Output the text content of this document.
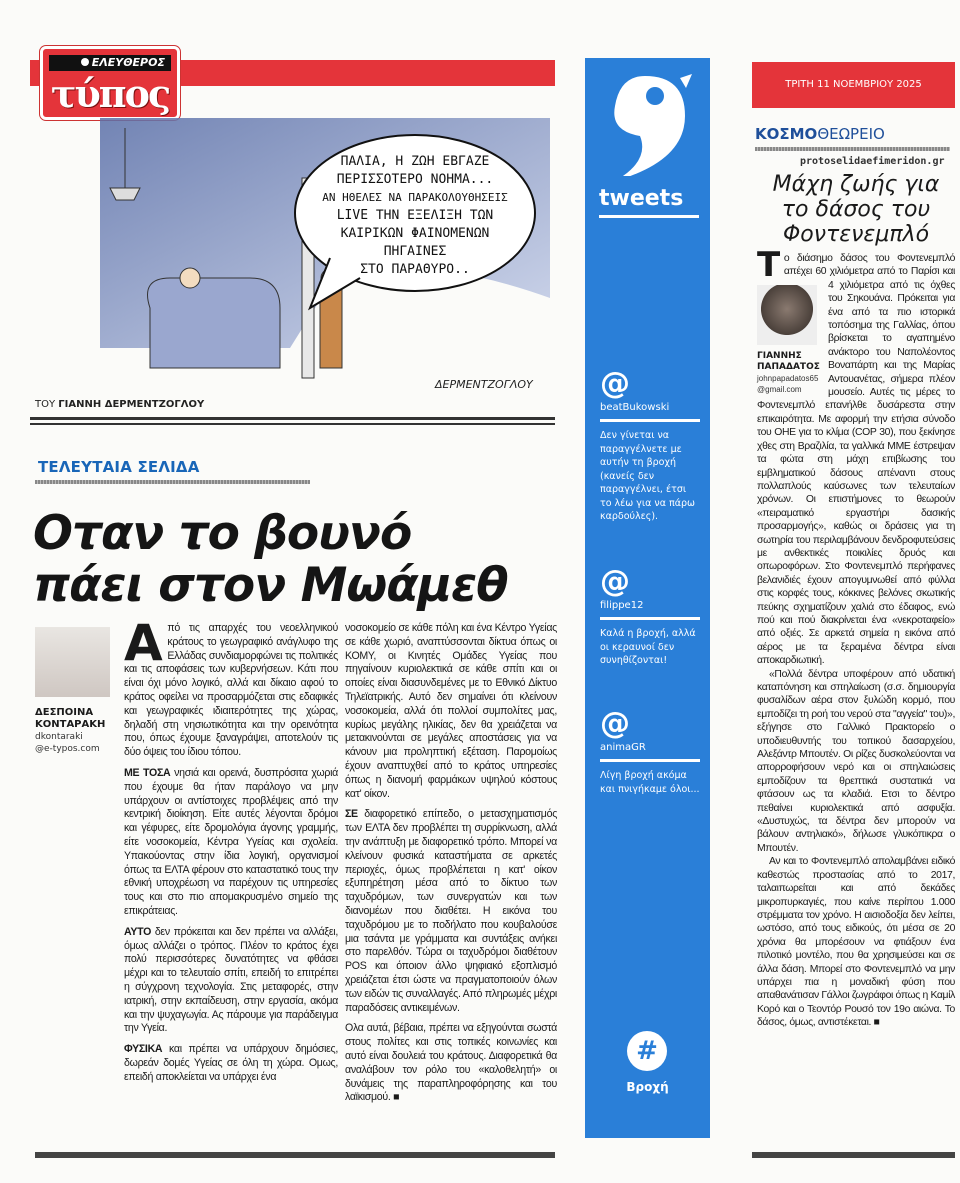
ΕΛΕΥΘΕΡΟΣ
τύπος
ΔΕΡΜΕΝΤΖΟΓΛΟΥ
ΠΑΛΙΑ, Η ΖΩΗ ΕΒΓΑΖΕ
ΠΕΡΙΣΣΟΤΕΡΟ ΝΟΗΜΑ...
ΑΝ ΗΘΕΛΕΣ ΝΑ ΠΑΡΑΚΟΛΟΥΘΗΣΕΙΣ
LIVE ΤΗΝ ΕΞΕΛΙΞΗ ΤΩΝ
ΚΑΙΡΙΚΩΝ ΦΑΙΝΟΜΕΝΩΝ
ΠΗΓΑΙΝΕΣ
ΣΤΟ ΠΑΡΑΘΥΡΟ..
ΤΟΥ ΓΙΑΝΝΗ ΔΕΡΜΕΝΤΖΟΓΛΟΥ
ΤΕΛΕΥΤΑΙΑ ΣΕΛΙΔΑ
Οταν το βουνό
πάει στον Μωάμεθ
ΔΕΣΠΟΙΝΑ
ΚΟΝΤΑΡΑΚΗ
dkontaraki
@e-typos.com

Από τις απαρχές του νεοελληνικού κράτους το γεωγραφικό ανάγλυφο της Ελλάδας συνδιαμορφώνει τις πολιτικές και τις αποφάσεις των κυβερνήσεων. Κάτι που είναι όχι μόνο λογικό, αλλά και δίκαιο αφού το κράτος οφείλει να προσαρμόζεται στις εδαφικές και γεωγραφικές ιδιαιτερότητες της χώρας, δηλαδή στη νησιωτικότητα και την ορεινότητα που, όπως έχουμε ξαναγράψει, αποτελούν τις δύο όψεις του ίδιου τόπου.

ΜΕ ΤΟΣΑ νησιά και ορεινά, δυσπρόσιτα χωριά που έχουμε θα ήταν παράλογο να μην υπάρχουν οι αντίστοιχες προβλέψεις από την κεντρική διοίκηση. Είτε αυτές λέγονται δρόμοι και γέφυρες, είτε δρομολόγια άγονης γραμμής, είτε νοσοκομεία, Κέντρα Υγείας και σχολεία. Υπακούοντας στην ίδια λογική, οργανισμοί όπως τα ΕΛΤΑ φέρουν στο καταστατικό τους την εθνική υποχρέωση να παρέχουν τις υπηρεσίες τους και στο πιο απομακρυσμένο σημείο της επικράτειας.

ΑΥΤΟ δεν πρόκειται και δεν πρέπει να αλλάξει, όμως αλλάζει ο τρόπος. Πλέον το κράτος έχει πολύ περισσότερες δυνατότητες να φθάσει μέχρι και το τελευταίο σπίτι, επειδή το επιτρέπει η σύγχρονη τεχνολογία. Στις μεταφορές, στην ιατρική, στην εκπαίδευση, στην εργασία, ακόμα και την ψυχαγωγία. Ας πάρουμε για παράδειγμα την Υγεία.

ΦΥΣΙΚΑ και πρέπει να υπάρχουν δημόσιες, δωρεάν δομές Υγείας σε όλη τη χώρα. Ομως, επειδή αποκλείεται να υπάρχει ένα

νοσοκομείο σε κάθε πόλη και ένα Κέντρο Υγείας σε κάθε χωριό, αναπτύσσονται δίκτυα όπως οι ΚΟΜΥ, οι Κινητές Ομάδες Υγείας που πηγαίνουν κυριολεκτικά σε κάθε σπίτι και οι οποίες είναι διασυνδεμένες με το Εθνικό Δίκτυο Τηλεϊατρικής. Αυτό δεν σημαίνει ότι κλείνουν νοσοκομεία, αλλά ότι πολλοί συμπολίτες μας, κυρίως μεγάλης ηλικίας, δεν θα χρειάζεται να μετακινούνται σε μεγάλες αποστάσεις για να κάνουν μια προληπτική εξέταση. Παρομοίως έχουν αναπτυχθεί από το κράτος υπηρεσίες όπως η διανομή φαρμάκων υψηλού κόστους κατ' οίκον.

ΣΕ διαφορετικό επίπεδο, ο μετασχηματισμός των ΕΛΤΑ δεν προβλέπει τη συρρίκνωση, αλλά την ανάπτυξη με διαφορετικό τρόπο. Μπορεί να κλείνουν φυσικά καταστήματα σε αρκετές περιοχές, όμως προβλέπεται η κατ' οίκον εξυπηρέτηση μέσα από το δίκτυο των ταχυδρόμων, των συνεργατών και των διανομέων που διαθέτει. Η εικόνα του ταχυδρόμου με το ποδήλατο που κουβαλούσε μια τσάντα με γράμματα και συντάξεις ανήκει στο παρελθόν. Τώρα οι ταχυδρόμοι διαθέτουν POS και όποιον άλλο ψηφιακό εξοπλισμό χρειάζεται έτσι ώστε να πραγματοποιούν όλων των ειδών τις συναλλαγές. Από πληρωμές μέχρι παραδόσεις αντικειμένων.

Ολα αυτά, βέβαια, πρέπει να εξηγούνται σωστά στους πολίτες και στις τοπικές κοινωνίες και αυτό είναι δουλειά του κράτους. Διαφορετικά θα αναλάβουν τον ρόλο του «καλοθελητή» οι δυνάμεις της παραπληροφόρησης και του λαϊκισμού. ■

tweets
@
beatBukowski
Δεν γίνεται να παραγγέλνετε με αυτήν τη βροχή (κανείς δεν παραγγέλνει, έτσι το λέω για να πάρω καρδούλες).
@
filippe12
Καλά η βροχή, αλλά οι κεραυνοί δεν συνηθίζονται!
@
animaGR
Λίγη βροχή ακόμα και πνιγήκαμε όλοι...
#
Βροχή
ΤΡΙΤΗ 11 ΝΟΕΜΒΡΙΟΥ 2025
ΚΟΣΜΟΘΕΩΡΕΙΟ
protoselidaefimeridon.gr
Μάχη ζωής για το δάσος του Φοντενεμπλό

Τ
ΓΙΑΝΝΗΣ
ΠΑΠΑΔΑΤΟΣ
johnpapadatos65
@gmail.com
ο διάσημο δάσος του Φοντενεμπλό απέχει 60 χιλιόμετρα από το Παρίσι και 4 χιλιόμετρα από τις όχθες του Σηκουάνα. Πρόκειται για ένα από τα πιο ιστορικά τοπόσημα της Γαλλίας, όπου βρίσκεται το αγαπημένο ανάκτορο του Ναπολέοντος Βοναπάρτη και της Μαρίας Αντουανέτας, σήμερα πλέον μουσείο. Αυτές τις μέρες το Φοντενεμπλό επανήλθε δυσάρεστα στην επικαιρότητα. Με αφορμή την ετήσια σύνοδο του ΟΗΕ για το κλίμα (COP 30), που ξεκίνησε χθες στη Βραζιλία, τα γαλλικά ΜΜΕ έστρεψαν τα φώτα στη μάχη επιβίωσης του εμβληματικού δάσους απέναντι στους πολλαπλούς καύσωνες των τελευταίων χρόνων. Οι επιστήμονες το θεωρούν «πειραματικό εργαστήρι δασικής προσαρμογής», καθώς οι δράσεις για τη σωτηρία του περιλαμβάνουν δενδροφυτεύσεις με ανθεκτικές ποικιλίες δρυός και οπωροφόρων. Στο Φοντενεμπλό περήφανες βελανιδιές έχουν απογυμνωθεί από φύλλα στις κορφές τους, κόκκινες βελόνες σκωτικής πεύκης σχηματίζουν χαλιά στο έδαφος, ενώ πού και πού διακρίνεται ένα «νεκροταφείο» από οξιές. Σε αρκετά σημεία η εικόνα από αέρος με τα ξεραμένα δέντρα είναι αποκαρδιωτική.

«Πολλά δέντρα υποφέρουν από υδατική καταπόνηση και σπηλαίωση (σ.σ. δημιουργία φυσαλίδων αέρα στον ξυλώδη κορμό, που εμποδίζει τη ροή του νερού στα "αγγεία" του)», εξήγησε στο Γαλλικό Πρακτορείο ο υποδιευθυντής του τοπικού δασαρχείου, Αλεξάντρ Μπουτέν. Οι ρίζες δυσκολεύονται να απορροφήσουν νερό και οι σπηλαιώσεις εμποδίζουν τα θρεπτικά συστατικά να φτάσουν ως τα κλαδιά. Ετσι το δέντρο πεθαίνει κυριολεκτικά από ασφυξία. «Δυστυχώς, τα δέντρα δεν μπορούν να βάλουν αντηλιακό», δήλωσε γλυκόπικρα ο Μπουτέν.

Αν και το Φοντενεμπλό απολαμβάνει ειδικό καθεστώς προστασίας από το 2017, ταλαιπωρείται και από δεκάδες μικροπυρκαγιές, που καίνε περίπου 1.000 στρέμματα τον χρόνο. Η αισιοδοξία δεν λείπει, ωστόσο, από τους ειδικούς, ότι μέσα σε 20 χρόνια θα μπορέσουν να φτιάξουν ένα πιλοτικό μοντέλο, που θα χρησιμεύσει και σε άλλα δάση. Μπορεί στο Φοντενεμπλό να μην υπάρχει πια η μοναδική φύση που απαθανάτισαν Γάλλοι ζωγράφοι όπως η Καμίλ Κορό και ο Τεοντόρ Ρουσό τον 19ο αιώνα. Το δάσος, όμως, αντιστέκεται. ■
